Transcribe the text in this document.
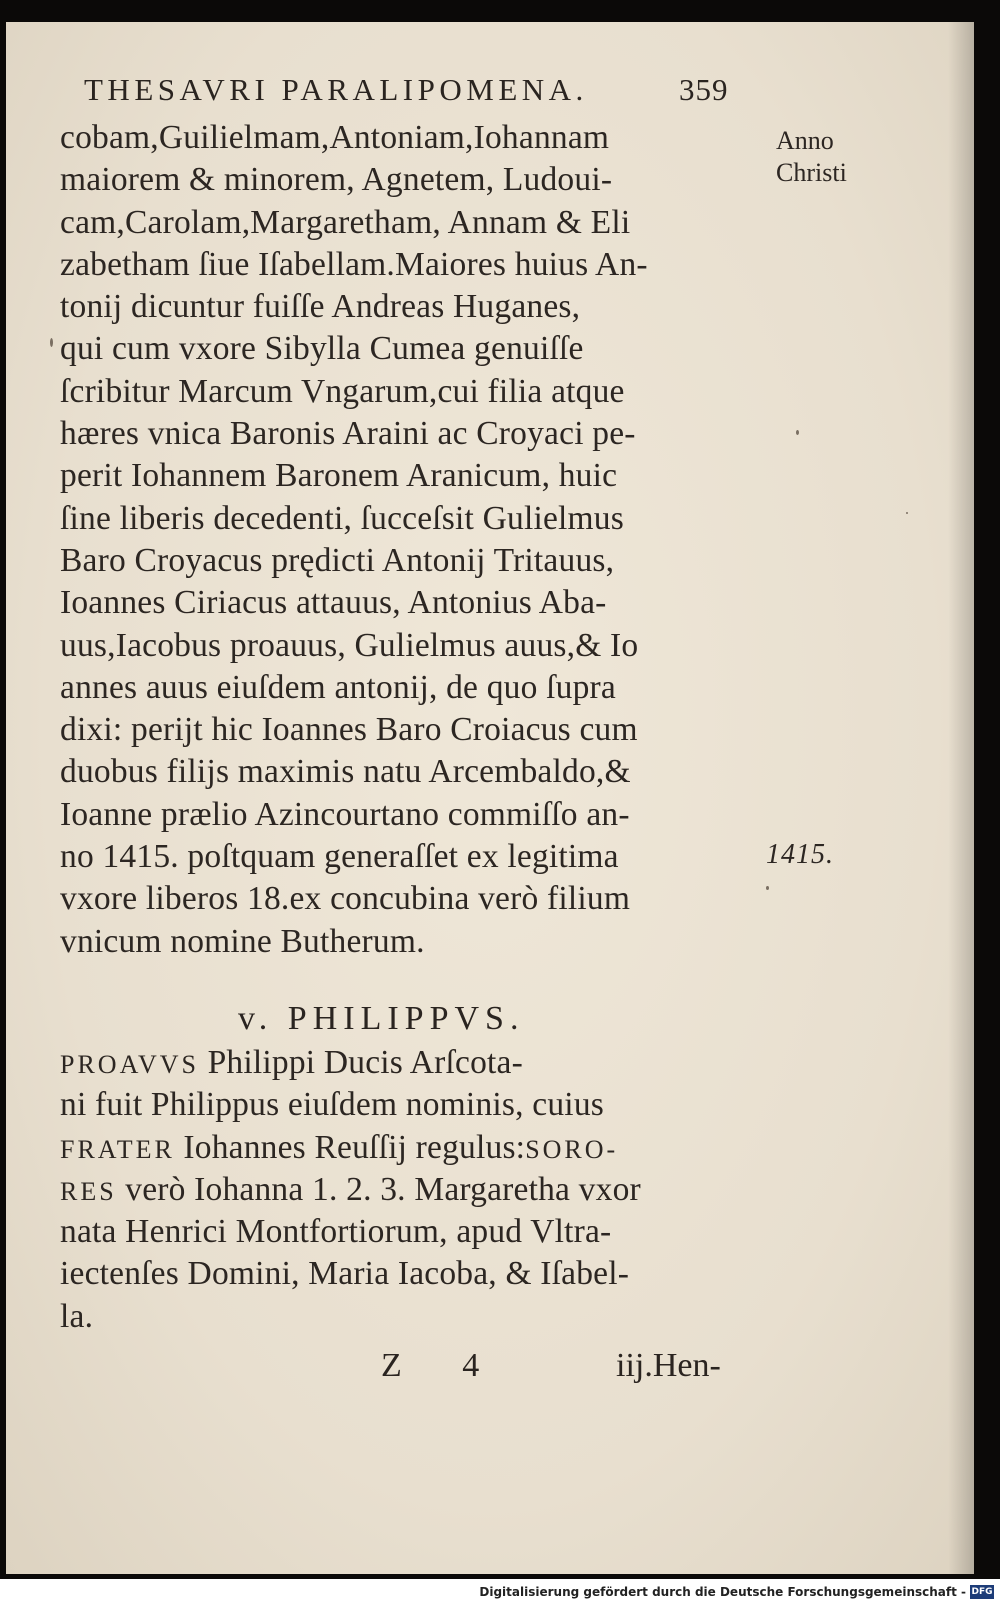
THESAVRI PARALIPOMENA.	359
Anno
Christi
1415.
cobam,Guilielmam,Antoniam,Iohannam
maiorem & minorem, Agnetem, Ludoui-
cam,Carolam,Margaretham, Annam & Eli
zabetham ſiue Iſabellam.Maiores huius An-
tonij dicuntur fuiſſe Andreas Huganes,
qui cum vxore Sibylla Cumea genuiſſe
ſcribitur Marcum Vngarum,cui filia atque
hæres vnica Baronis Araini ac Croyaci pe-
perit Iohannem Baronem Aranicum, huic
ſine liberis decedenti, ſucceſsit Gulielmus
Baro Croyacus prędicti Antonij Tritauus,
Ioannes Ciriacus attauus, Antonius Aba-
uus,Iacobus proauus, Gulielmus auus,& Io
annes auus eiuſdem antonij, de quo ſupra
dixi: perijt hic Ioannes Baro Croiacus cum
duobus filijs maximis natu Arcembaldo,&
Ioanne prælio Azincourtano commiſſo an-
no 1415. poſtquam generaſſet ex legitima
vxore liberos 18.ex concubina verò filium
vnicum nomine Butherum.
v. PHILIPPVS.
PROAVVS Philippi Ducis Arſcota-
ni fuit Philippus eiuſdem nominis, cuius
FRATER Iohannes Reuſſij regulus:SORO-
RES verò Iohanna 1. 2. 3. Margaretha vxor
nata Henrici Montfortiorum, apud Vltra-
iectenſes Domini, Maria Iacoba, & Iſabel-
la.
Z 4	iij.Hen-
Digitalisierung gefördert durch die Deutsche Forschungsgemeinschaft - DFG
